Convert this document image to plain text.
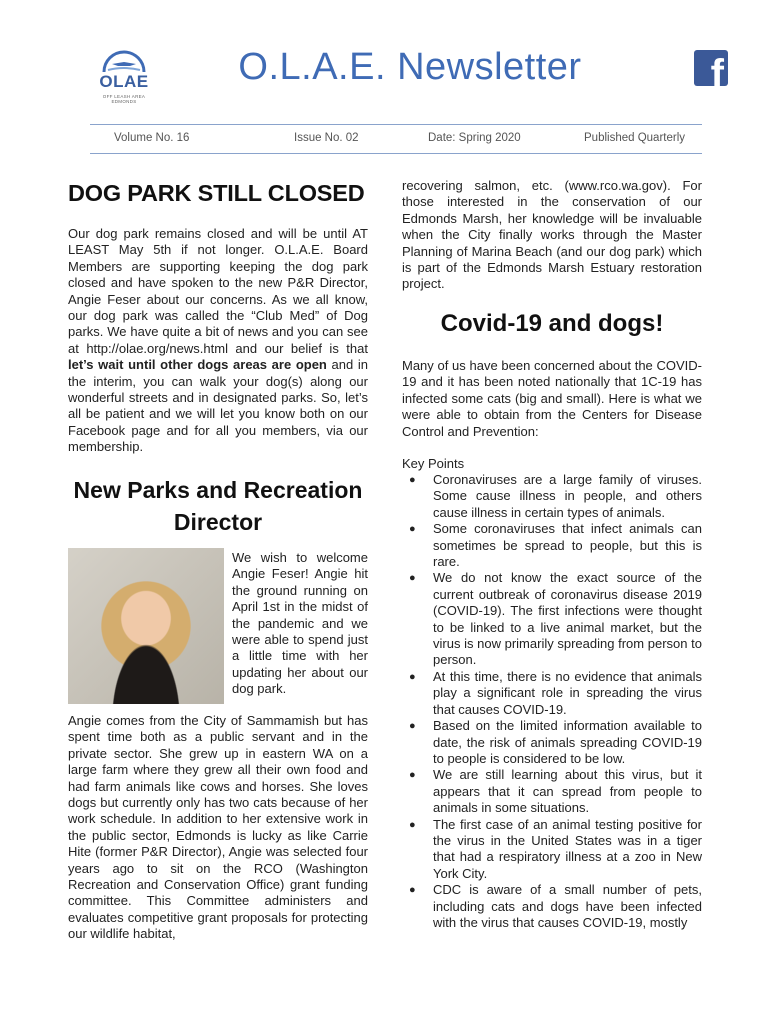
OLAE
OFF LEASH AREA EDMONDS
O.L.A.E. Newsletter	f
Volume No. 16	Issue No. 02	Date: Spring 2020	Published Quarterly
DOG PARK STILL CLOSED

Our dog park remains closed and will be until AT LEAST May 5th if not longer. O.L.A.E. Board Members are supporting keeping the dog park closed and have spoken to the new P&R Director, Angie Feser about our concerns. As we all know, our dog park was called the “Club Med” of Dog parks. We have quite a bit of news and you can see at http://olae.org/news.html and our belief is that let’s wait until other dogs areas are open and in the interim, you can walk your dog(s) along our wonderful streets and in designated parks. So, let’s all be patient and we will let you know both on our Facebook page and for all you members, via our membership.

New Parks and Recreation Director

We wish to welcome Angie Feser! Angie hit the ground running on April 1st in the midst of the pandemic and we were able to spend just a little time with her updating her about our dog park.

Angie comes from the City of Sammamish but has spent time both as a public servant and in the private sector. She grew up in eastern WA on a large farm where they grew all their own food and had farm animals like cows and horses. She loves dogs but currently only has two cats because of her work schedule. In addition to her extensive work in the public sector, Edmonds is lucky as like Carrie Hite (former P&R Director), Angie was selected four years ago to sit on the RCO (Washington Recreation and Conservation Office) grant funding committee. This Committee administers and evaluates competitive grant proposals for protecting our wildlife habitat,

recovering salmon, etc. (www.rco.wa.gov). For those interested in the conservation of our Edmonds Marsh, her knowledge will be invaluable when the City finally works through the Master Planning of Marina Beach (and our dog park) which is part of the Edmonds Marsh Estuary restoration project.

Covid-19 and dogs!

Many of us have been concerned about the COVID-19 and it has been noted nationally that 1C-19 has infected some cats (big and small). Here is what we were able to obtain from the Centers for Disease Control and Prevention:

Key Points
● Coronaviruses are a large family of viruses. Some cause illness in people, and others cause illness in certain types of animals.

● Some coronaviruses that infect animals can sometimes be spread to people, but this is rare.

● We do not know the exact source of the current outbreak of coronavirus disease 2019 (COVID-19). The first infections were thought to be linked to a live animal market, but the virus is now primarily spreading from person to person.

● At this time, there is no evidence that animals play a significant role in spreading the virus that causes COVID-19.

● Based on the limited information available to date, the risk of animals spreading COVID-19 to people is considered to be low.

● We are still learning about this virus, but it appears that it can spread from people to animals in some situations.

● The first case of an animal testing positive for the virus in the United States was in a tiger that had a respiratory illness at a zoo in New York City.

● CDC is aware of a small number of pets, including cats and dogs have been infected with the virus that causes COVID-19, mostly
